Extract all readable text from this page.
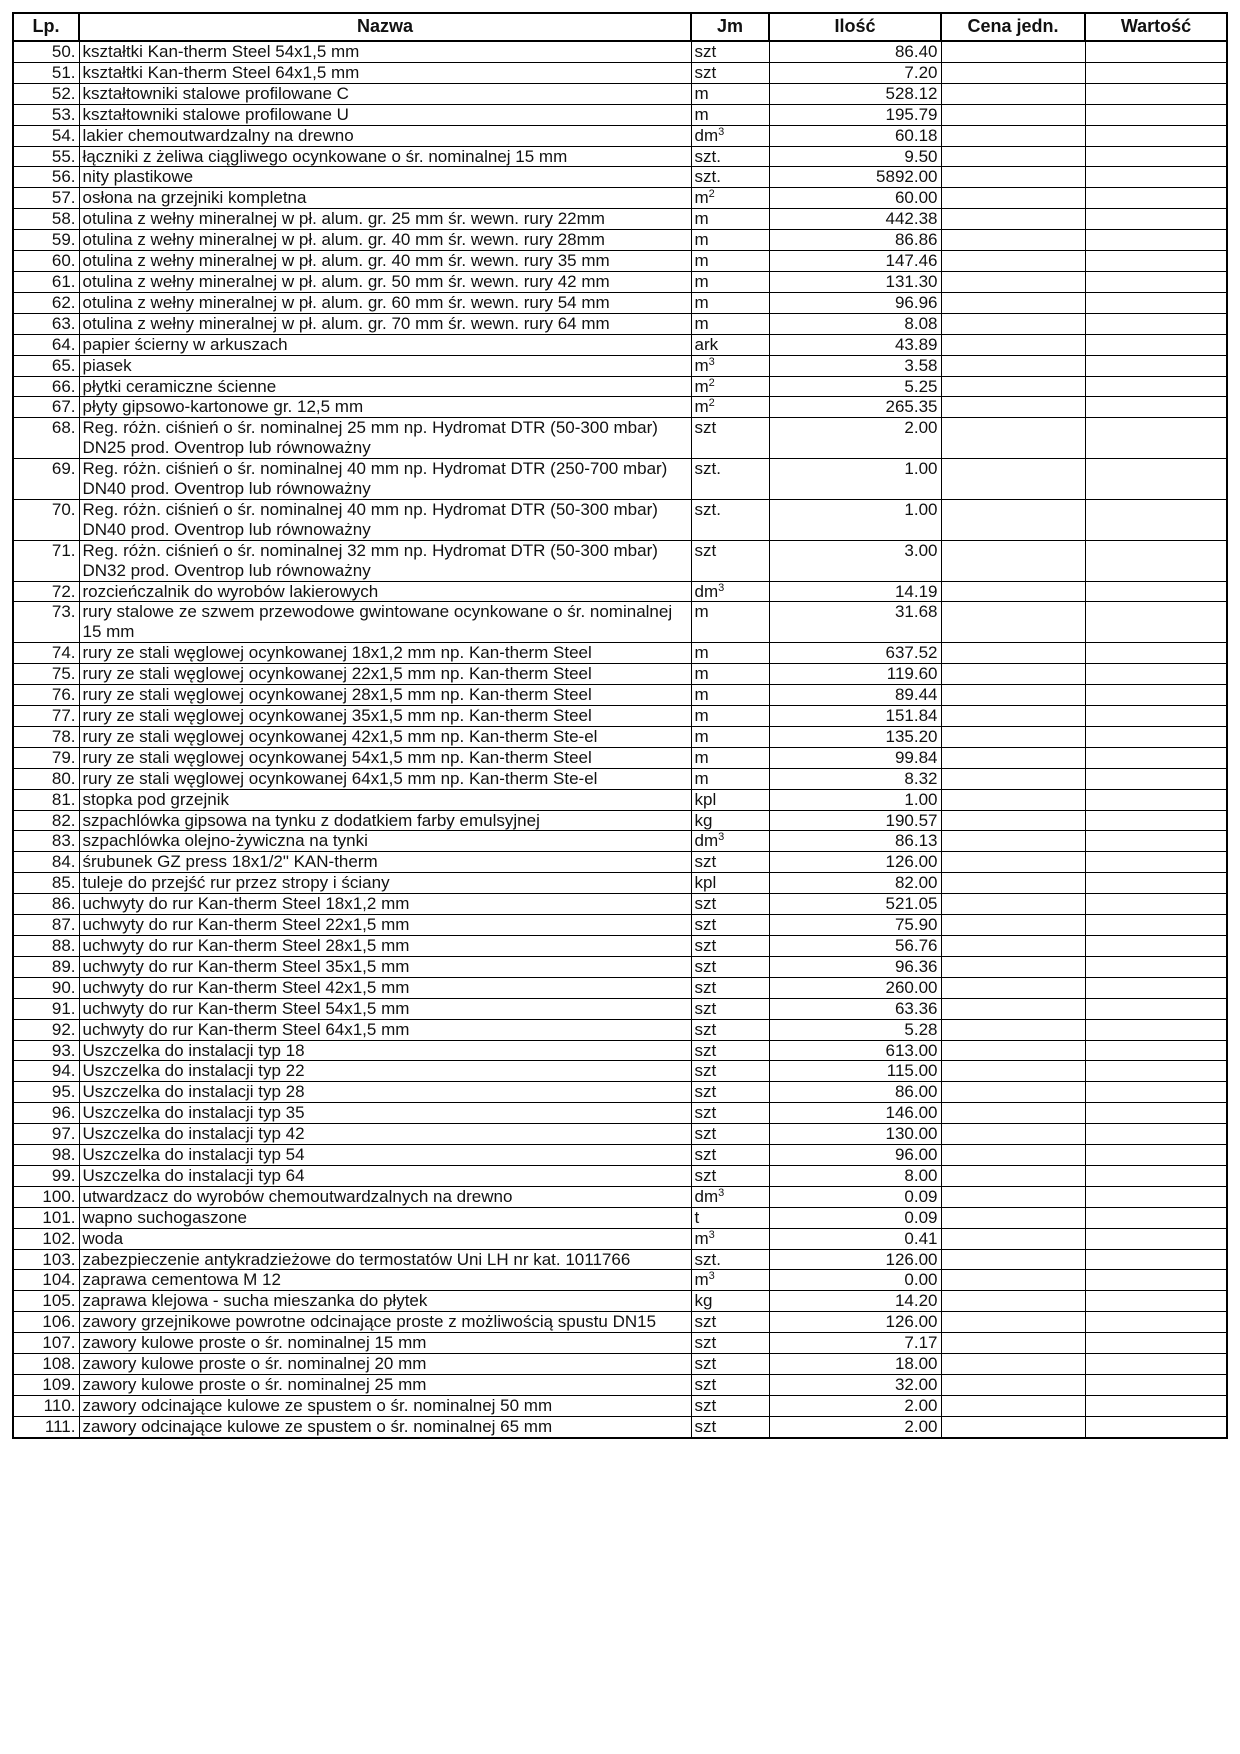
Lp.	Nazwa	Jm	Ilość	Cena jedn.	Wartość
50.	kształtki Kan-therm Steel 54x1,5 mm	szt	86.40		
51.	kształtki Kan-therm Steel 64x1,5 mm	szt	7.20		
52.	kształtowniki stalowe profilowane C	m	528.12		
53.	kształtowniki stalowe profilowane U	m	195.79		
54.	lakier chemoutwardzalny na drewno	$dm^3$	60.18		
55.	łączniki z żeliwa ciągliwego ocynkowane o śr. nominalnej 15 mm	szt.	9.50		
56.	nity plastikowe	szt.	5892.00		
57.	osłona na grzejniki kompletna	$m^2$	60.00		
58.	otulina z wełny mineralnej w pł. alum. gr. 25 mm śr. wewn. rury 22mm	m	442.38		
59.	otulina z wełny mineralnej w pł. alum. gr. 40 mm śr. wewn. rury 28mm	m	86.86		
60.	otulina z wełny mineralnej w pł. alum. gr. 40 mm śr. wewn. rury 35 mm	m	147.46		
61.	otulina z wełny mineralnej w pł. alum. gr. 50 mm śr. wewn. rury 42 mm	m	131.30		
62.	otulina z wełny mineralnej w pł. alum. gr. 60 mm śr. wewn. rury 54 mm	m	96.96		
63.	otulina z wełny mineralnej w pł. alum. gr. 70 mm śr. wewn. rury 64 mm	m	8.08		
64.	papier ścierny w arkuszach	ark	43.89		
65.	piasek	$m^3$	3.58		
66.	płytki ceramiczne ścienne	$m^2$	5.25		
67.	płyty gipsowo-kartonowe gr. 12,5 mm	$m^2$	265.35		
68.	Reg. różn. ciśnień o śr. nominalnej 25 mm np. Hydromat DTR (50-300 mbar) DN25 prod. Oventrop lub równoważny	szt	2.00		
69.	Reg. różn. ciśnień o śr. nominalnej 40 mm np. Hydromat DTR (250-700 mbar) DN40 prod. Oventrop lub równoważny	szt.	1.00		
70.	Reg. różn. ciśnień o śr. nominalnej 40 mm np. Hydromat DTR (50-300 mbar) DN40 prod. Oventrop lub równoważny	szt.	1.00		
71.	Reg. różn. ciśnień o śr. nominalnej 32 mm np. Hydromat DTR (50-300 mbar) DN32 prod. Oventrop lub równoważny	szt	3.00		
72.	rozcieńczalnik do wyrobów lakierowych	$dm^3$	14.19		
73.	rury stalowe ze szwem przewodowe gwintowane ocynkowane o śr. nominalnej 15 mm	m	31.68		
74.	rury ze stali węglowej ocynkowanej 18x1,2 mm np. Kan-therm Steel	m	637.52		
75.	rury ze stali węglowej ocynkowanej 22x1,5 mm np. Kan-therm Steel	m	119.60		
76.	rury ze stali węglowej ocynkowanej 28x1,5 mm np. Kan-therm Steel	m	89.44		
77.	rury ze stali węglowej ocynkowanej 35x1,5 mm np. Kan-therm Steel	m	151.84		
78.	rury ze stali węglowej ocynkowanej 42x1,5 mm np. Kan-therm Ste-el	m	135.20		
79.	rury ze stali węglowej ocynkowanej 54x1,5 mm np. Kan-therm Steel	m	99.84		
80.	rury ze stali węglowej ocynkowanej 64x1,5 mm np. Kan-therm Ste-el	m	8.32		
81.	stopka pod grzejnik	kpl	1.00		
82.	szpachlówka gipsowa na tynku z dodatkiem farby emulsyjnej	kg	190.57		
83.	szpachlówka olejno-żywiczna na tynki	$dm^3$	86.13		
84.	śrubunek GZ press 18x1/2" KAN-therm	szt	126.00		
85.	tuleje do przejść rur przez stropy i ściany	kpl	82.00		
86.	uchwyty do rur Kan-therm Steel 18x1,2 mm	szt	521.05		
87.	uchwyty do rur Kan-therm Steel 22x1,5 mm	szt	75.90		
88.	uchwyty do rur Kan-therm Steel 28x1,5 mm	szt	56.76		
89.	uchwyty do rur Kan-therm Steel 35x1,5 mm	szt	96.36		
90.	uchwyty do rur Kan-therm Steel 42x1,5 mm	szt	260.00		
91.	uchwyty do rur Kan-therm Steel 54x1,5 mm	szt	63.36		
92.	uchwyty do rur Kan-therm Steel 64x1,5 mm	szt	5.28		
93.	Uszczelka do instalacji typ 18	szt	613.00		
94.	Uszczelka do instalacji typ 22	szt	115.00		
95.	Uszczelka do instalacji typ 28	szt	86.00		
96.	Uszczelka do instalacji typ 35	szt	146.00		
97.	Uszczelka do instalacji typ 42	szt	130.00		
98.	Uszczelka do instalacji typ 54	szt	96.00		
99.	Uszczelka do instalacji typ 64	szt	8.00		
100.	utwardzacz do wyrobów chemoutwardzalnych na drewno	$dm^3$	0.09		
101.	wapno suchogaszone	t	0.09		
102.	woda	$m^3$	0.41		
103.	zabezpieczenie antykradzieżowe do termostatów Uni LH nr kat. 1011766	szt.	126.00		
104.	zaprawa cementowa M 12	$m^3$	0.00		
105.	zaprawa klejowa - sucha mieszanka do płytek	kg	14.20		
106.	zawory grzejnikowe powrotne odcinające proste z możliwością spustu DN15	szt	126.00		
107.	zawory kulowe proste o śr. nominalnej 15 mm	szt	7.17		
108.	zawory kulowe proste o śr. nominalnej 20 mm	szt	18.00		
109.	zawory kulowe proste o śr. nominalnej 25 mm	szt	32.00		
110.	zawory odcinające kulowe ze spustem o śr. nominalnej 50 mm	szt	2.00		
111.	zawory odcinające kulowe ze spustem o śr. nominalnej 65 mm	szt	2.00		
